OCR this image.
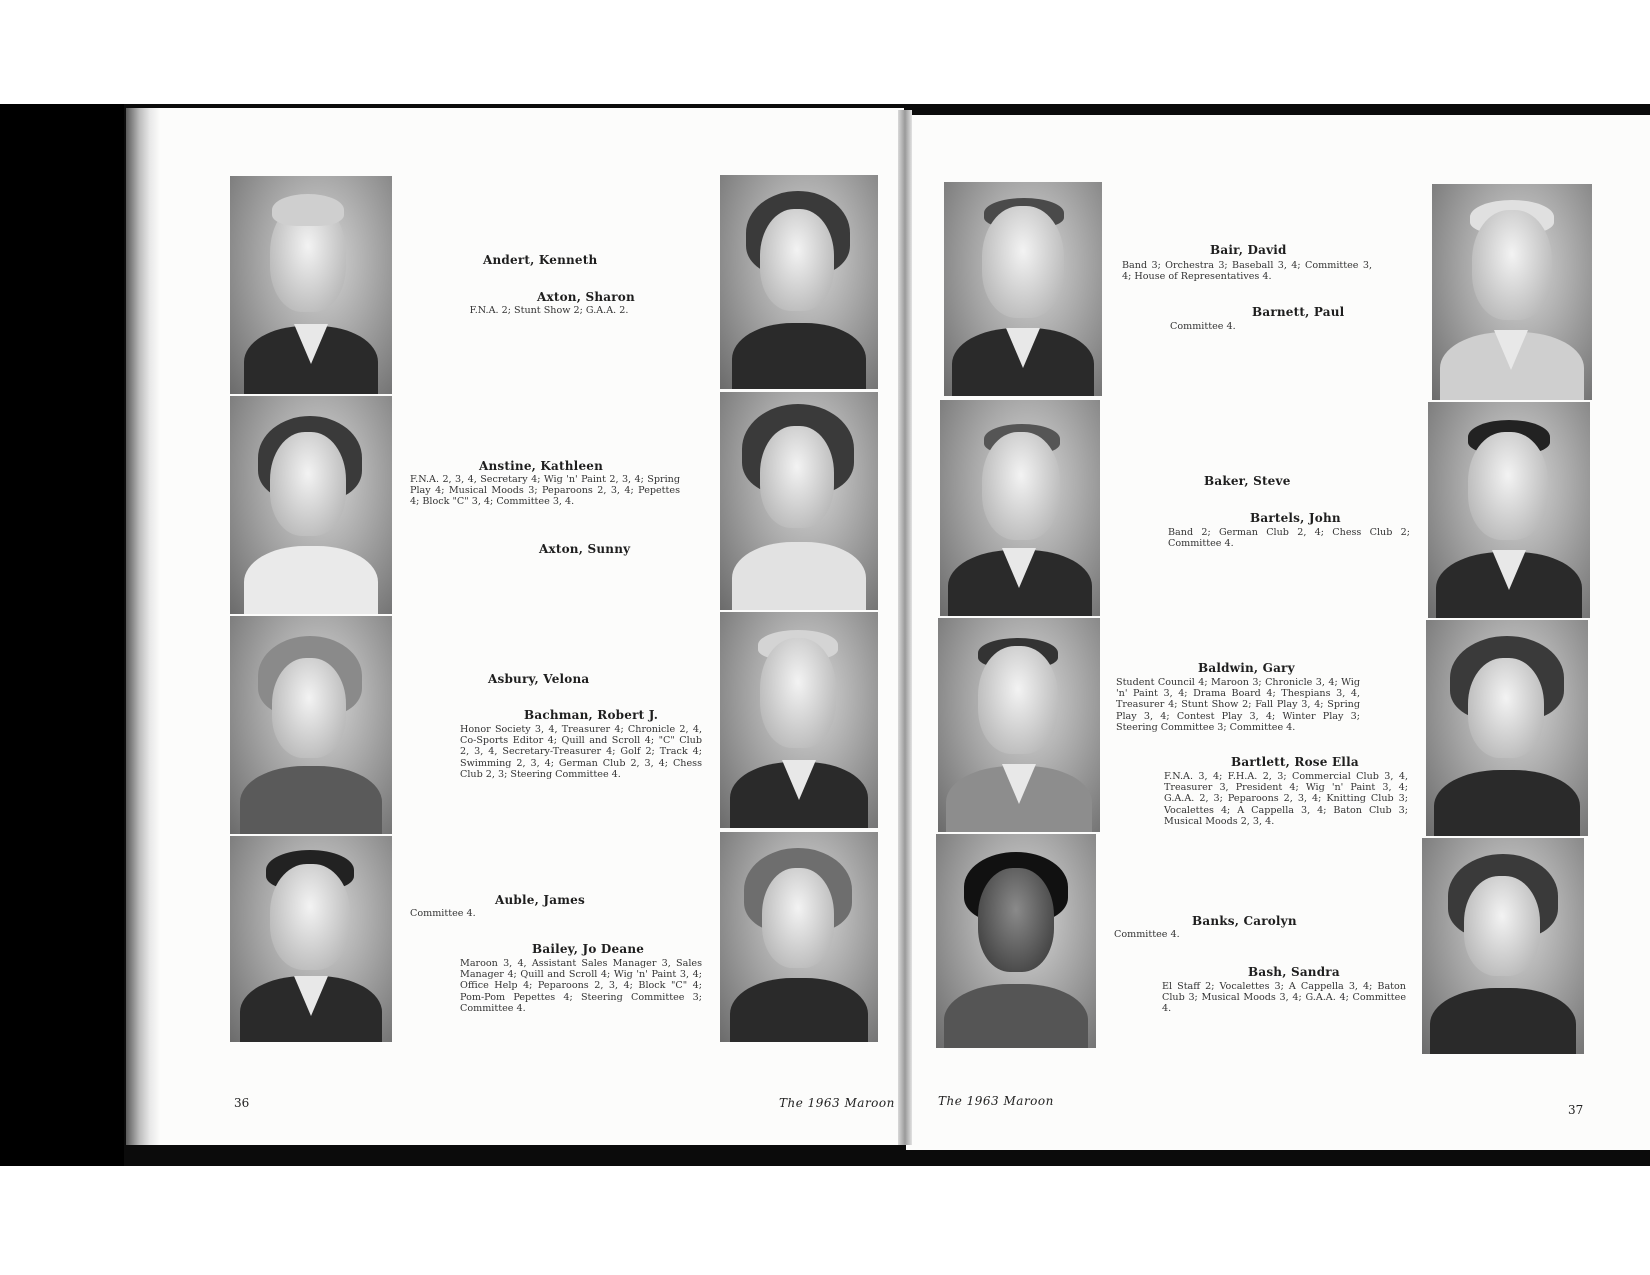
Andert, Kenneth
Axton, Sharon
F.N.A. 2; Stunt Show 2; G.A.A. 2.
Anstine, Kathleen
F.N.A. 2, 3, 4, Secretary 4; Wig 'n' Paint 2, 3, 4; Spring Play 4; Musical Moods 3; Peparoons 2, 3, 4; Pepettes 4; Block "C" 3, 4; Committee 3, 4.
Axton, Sunny
Asbury, Velona
Bachman, Robert J.
Honor Society 3, 4, Treasurer 4; Chronicle 2, 4, Co-Sports Editor 4; Quill and Scroll 4; "C" Club 2, 3, 4, Secretary-Treasurer 4; Golf 2; Track 4; Swimming 2, 3, 4; German Club 2, 3, 4; Chess Club 2, 3; Steering Committee 4.
Auble, James
Committee 4.
Bailey, Jo Deane
Maroon 3, 4, Assistant Sales Manager 3, Sales Manager 4; Quill and Scroll 4; Wig 'n' Paint 3, 4; Office Help 4; Peparoons 2, 3, 4; Block "C" 4; Pom-Pom Pepettes 4; Steering Committee 3; Committee 4.
36	The 1963 Maroon
Bair, David
Band 3; Orchestra 3; Baseball 3, 4; Committee 3, 4; House of Representatives 4.
Barnett, Paul
Committee 4.
Baker, Steve
Bartels, John
Band 2; German Club 2, 4; Chess Club 2; Committee 4.
Baldwin, Gary
Student Council 4; Maroon 3; Chronicle 3, 4; Wig 'n' Paint 3, 4; Drama Board 4; Thespians 3, 4, Treasurer 4; Stunt Show 2; Fall Play 3, 4; Spring Play 3, 4; Contest Play 3, 4; Winter Play 3; Steering Committee 3; Committee 4.
Bartlett, Rose Ella
F.N.A. 3, 4; F.H.A. 2, 3; Commercial Club 3, 4, Treasurer 3, President 4; Wig 'n' Paint 3, 4; G.A.A. 2, 3; Peparoons 2, 3, 4; Knitting Club 3; Vocalettes 4; A Cappella 3, 4; Baton Club 3; Musical Moods 2, 3, 4.
Banks, Carolyn
Committee 4.
Bash, Sandra
El Staff 2; Vocalettes 3; A Cappella 3, 4; Baton Club 3; Musical Moods 3, 4; G.A.A. 4; Committee 4.
The 1963 Maroon
37
